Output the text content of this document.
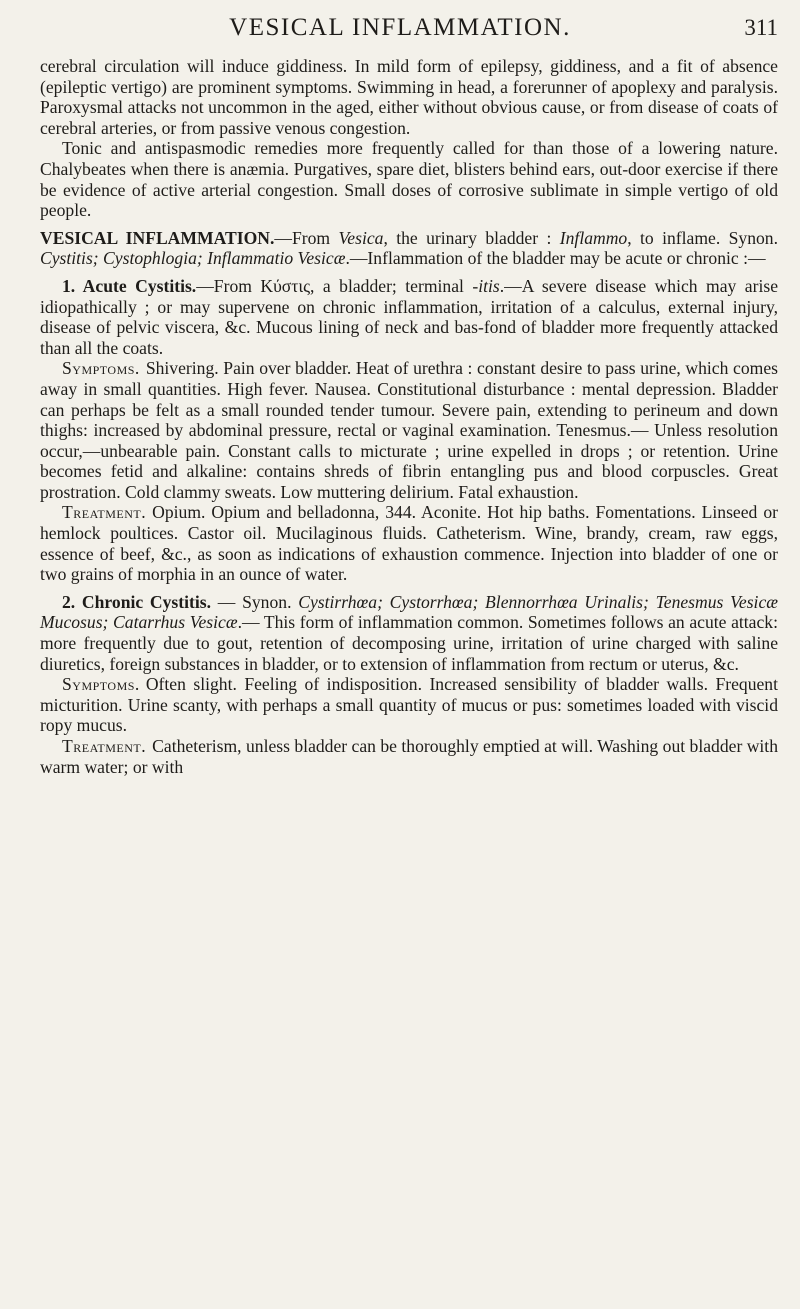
VESICAL INFLAMMATION.	311

cerebral circulation will induce giddiness. In mild form of epilepsy, giddiness, and a fit of absence (epileptic vertigo) are prominent symptoms. Swimming in head, a forerunner of apoplexy and paralysis. Paroxysmal attacks not uncommon in the aged, either without obvious cause, or from disease of coats of cerebral arteries, or from passive venous congestion.

Tonic and antispasmodic remedies more frequently called for than those of a lowering nature. Chalybeates when there is anæmia. Purgatives, spare diet, blisters behind ears, out-door exercise if there be evidence of active arterial congestion. Small doses of corrosive sublimate in simple vertigo of old people.

VESICAL INFLAMMATION.—From Vesica, the urinary bladder : Inflammo, to inflame. Synon. Cystitis; Cystophlogia; Inflammatio Vesicæ.—Inflammation of the bladder may be acute or chronic :—

1. Acute Cystitis.—From Κύστις, a bladder; terminal -itis.—A severe disease which may arise idiopathically ; or may supervene on chronic inflammation, irritation of a calculus, external injury, disease of pelvic viscera, &c. Mucous lining of neck and bas-fond of bladder more frequently attacked than all the coats.

Symptoms. Shivering. Pain over bladder. Heat of urethra : constant desire to pass urine, which comes away in small quantities. High fever. Nausea. Constitutional disturbance : mental depression. Bladder can perhaps be felt as a small rounded tender tumour. Severe pain, extending to perineum and down thighs: increased by abdominal pressure, rectal or vaginal examination. Tenesmus.— Unless resolution occur,—unbearable pain. Constant calls to micturate ; urine expelled in drops ; or retention. Urine becomes fetid and alkaline: contains shreds of fibrin entangling pus and blood corpuscles. Great prostration. Cold clammy sweats. Low muttering delirium. Fatal exhaustion.

Treatment. Opium. Opium and belladonna, 344. Aconite. Hot hip baths. Fomentations. Linseed or hemlock poultices. Castor oil. Mucilaginous fluids. Catheterism. Wine, brandy, cream, raw eggs, essence of beef, &c., as soon as indications of exhaustion commence. Injection into bladder of one or two grains of morphia in an ounce of water.

2. Chronic Cystitis. — Synon. Cystirrhœa; Cystorrhœa; Blennorrhœa Urinalis; Tenesmus Vesicæ Mucosus; Catarrhus Vesicæ.— This form of inflammation common. Sometimes follows an acute attack: more frequently due to gout, retention of decomposing urine, irritation of urine charged with saline diuretics, foreign substances in bladder, or to extension of inflammation from rectum or uterus, &c.

Symptoms. Often slight. Feeling of indisposition. Increased sensibility of bladder walls. Frequent micturition. Urine scanty, with perhaps a small quantity of mucus or pus: sometimes loaded with viscid ropy mucus.

Treatment. Catheterism, unless bladder can be thoroughly emptied at will. Washing out bladder with warm water; or with
